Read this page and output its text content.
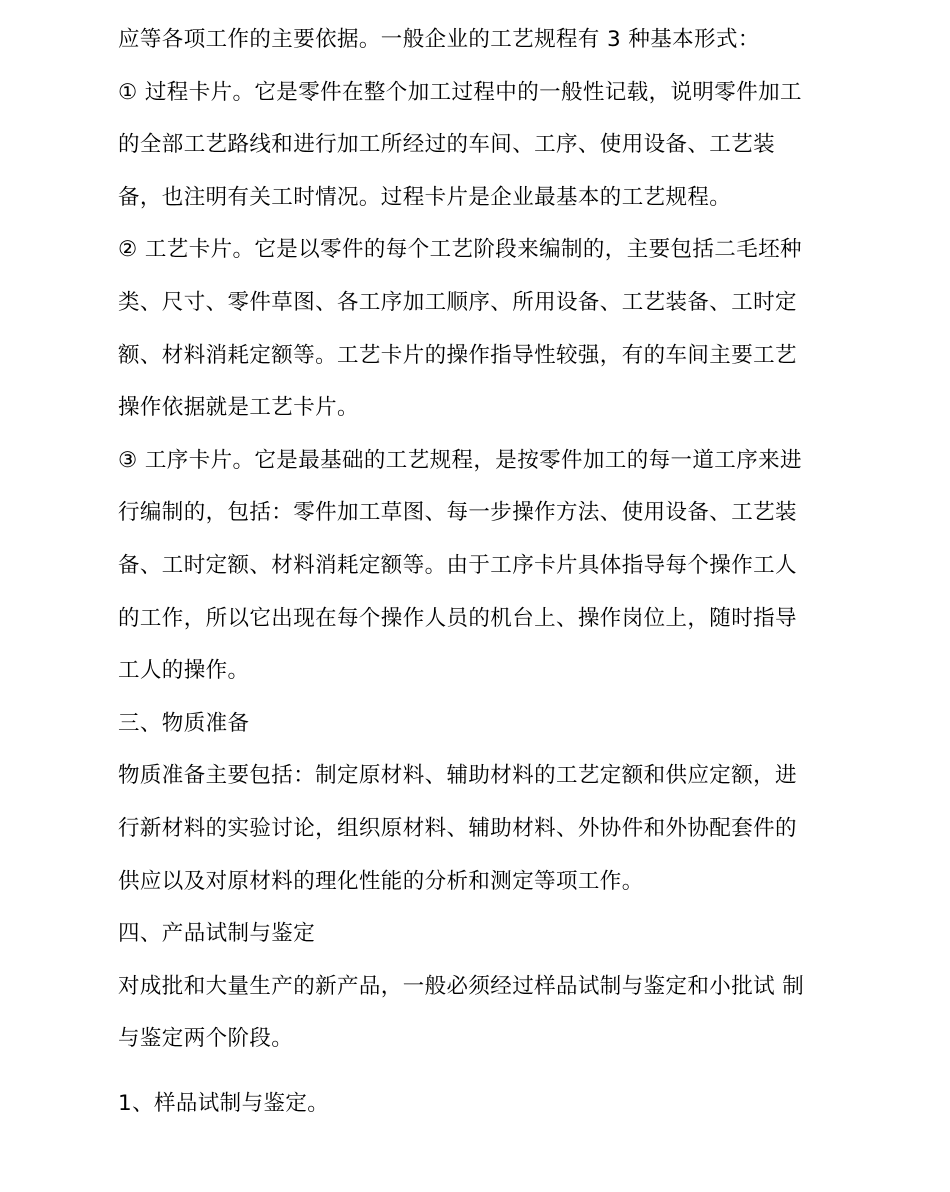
应等各项工作的主要依据。一般企业的工艺规程有 3 种基本形式：
① 过程卡片。它是零件在整个加工过程中的一般性记载，说明零件加工
的全部工艺路线和进行加工所经过的车间、工序、使用设备、工艺装
备，也注明有关工时情况。过程卡片是企业最基本的工艺规程。
② 工艺卡片。它是以零件的每个工艺阶段来编制的，主要包括二毛坯种
类、尺寸、零件草图、各工序加工顺序、所用设备、工艺装备、工时定
额、材料消耗定额等。工艺卡片的操作指导性较强，有的车间主要工艺
操作依据就是工艺卡片。
③ 工序卡片。它是最基础的工艺规程，是按零件加工的每一道工序来进
行编制的，包括：零件加工草图、每一步操作方法、使用设备、工艺装
备、工时定额、材料消耗定额等。由于工序卡片具体指导每个操作工人
的工作，所以它出现在每个操作人员的机台上、操作岗位上，随时指导
工人的操作。
三、物质准备
物质准备主要包括：制定原材料、辅助材料的工艺定额和供应定额，进
行新材料的实验讨论，组织原材料、辅助材料、外协件和外协配套件的
供应以及对原材料的理化性能的分析和测定等项工作。
四、产品试制与鉴定
对成批和大量生产的新产品，一般必须经过样品试制与鉴定和小批试 制
与鉴定两个阶段。
1、样品试制与鉴定。
